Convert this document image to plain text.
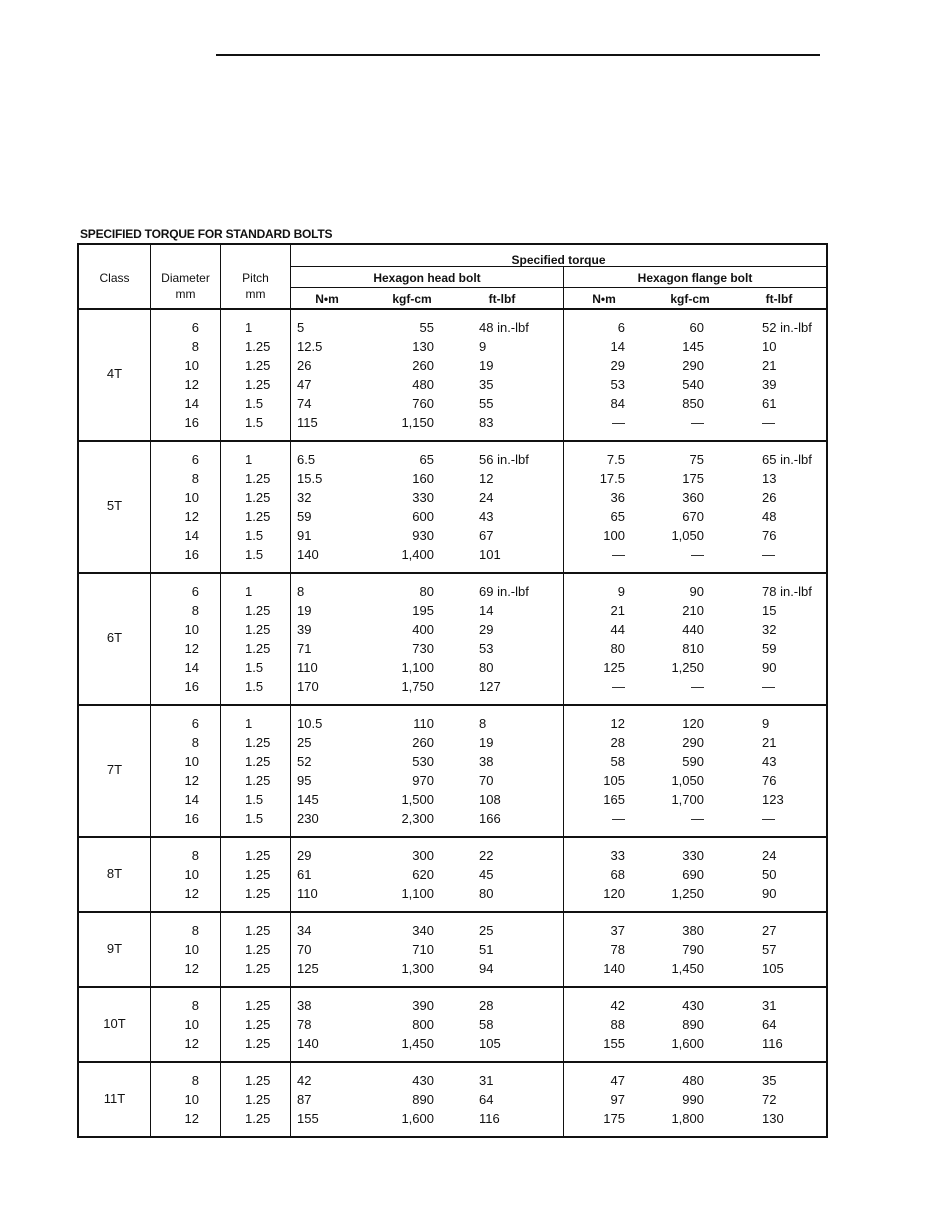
SPECIFIED TORQUE FOR STANDARD BOLTS
Class	Diameter
mm
Pitch
mm
Specified torque
Hexagon head bolt	Hexagon flange bolt
N•m	kgf-cm	ft-lbf	N•m	kgf-cm	ft-lbf
4T
6	1	5	55	48 in.-lbf	6	60	52 in.-lbf
8	1.25	12.5	130	9	14	145	10
10	1.25	26	260	19	29	290	21
12	1.25	47	480	35	53	540	39
14	1.5	74	760	55	84	850	61
16	1.5	115	1,150	83	—	—	—
5T
6	1	6.5	65	56 in.-lbf	7.5	75	65 in.-lbf
8	1.25	15.5	160	12	17.5	175	13
10	1.25	32	330	24	36	360	26
12	1.25	59	600	43	65	670	48
14	1.5	91	930	67	100	1,050	76
16	1.5	140	1,400	101	—	—	—
6T
6	1	8	80	69 in.-lbf	9	90	78 in.-lbf
8	1.25	19	195	14	21	210	15
10	1.25	39	400	29	44	440	32
12	1.25	71	730	53	80	810	59
14	1.5	110	1,100	80	125	1,250	90
16	1.5	170	1,750	127	—	—	—
7T
6	1	10.5	110	8	12	120	9
8	1.25	25	260	19	28	290	21
10	1.25	52	530	38	58	590	43
12	1.25	95	970	70	105	1,050	76
14	1.5	145	1,500	108	165	1,700	123
16	1.5	230	2,300	166	—	—	—
8T
8	1.25	29	300	22	33	330	24
10	1.25	61	620	45	68	690	50
12	1.25	110	1,100	80	120	1,250	90
9T
8	1.25	34	340	25	37	380	27
10	1.25	70	710	51	78	790	57
12	1.25	125	1,300	94	140	1,450	105
10T
8	1.25	38	390	28	42	430	31
10	1.25	78	800	58	88	890	64
12	1.25	140	1,450	105	155	1,600	116
11T
8	1.25	42	430	31	47	480	35
10	1.25	87	890	64	97	990	72
12	1.25	155	1,600	116	175	1,800	130
